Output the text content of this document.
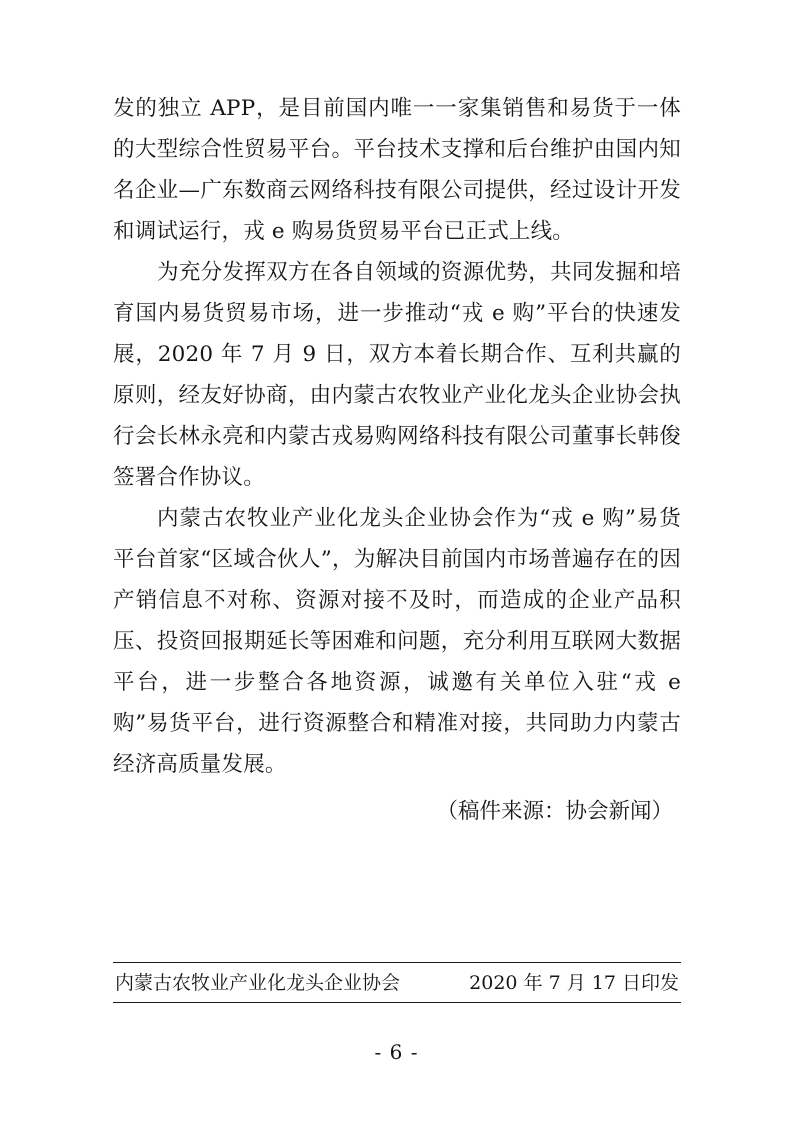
发的独立 APP，是目前国内唯一一家集销售和易货于一体的大型综合性贸易平台。平台技术支撑和后台维护由国内知名企业—广东数商云网络科技有限公司提供，经过设计开发和调试运行，戎 e 购易货贸易平台已正式上线。

为充分发挥双方在各自领域的资源优势，共同发掘和培育国内易货贸易市场，进一步推动“戎 e 购”平台的快速发展，2020 年 7 月 9 日，双方本着长期合作、互利共赢的原则，经友好协商，由内蒙古农牧业产业化龙头企业协会执行会长林永亮和内蒙古戎易购网络科技有限公司董事长韩俊签署合作协议。

内蒙古农牧业产业化龙头企业协会作为“戎 e 购”易货平台首家“区域合伙人”，为解决目前国内市场普遍存在的因产销信息不对称、资源对接不及时，而造成的企业产品积压、投资回报期延长等困难和问题，充分利用互联网大数据平台，进一步整合各地资源，诚邀有关单位入驻“戎 e 购”易货平台，进行资源整合和精准对接，共同助力内蒙古经济高质量发展。

（稿件来源：协会新闻）
内蒙古农牧业产业化龙头企业协会	2020 年 7 月 17 日印发
- 6 -
